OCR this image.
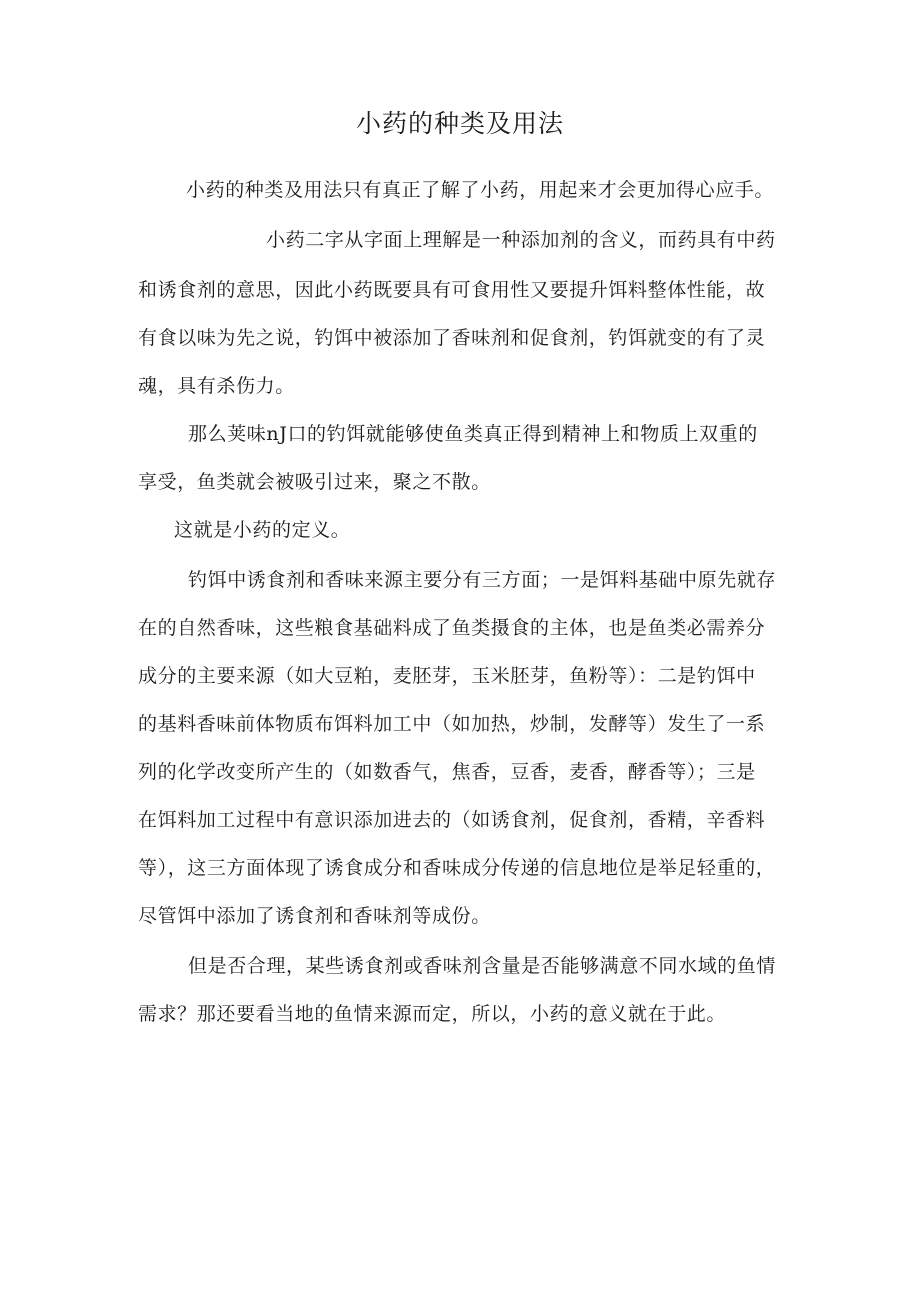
小药的种类及用法
小药的种类及用法只有真正了解了小药，用起来才会更加得心应手。
小药二字从字面上理解是一种添加剂的含义，而药具有中药
和诱食剂的意思，因此小药既要具有可食用性又要提升饵料整体性能，故
有食以味为先之说，钓饵中被添加了香味剂和促食剂，钓饵就变的有了灵
魂，具有杀伤力。
那么荚味nJ口的钓饵就能够使鱼类真正得到精神上和物质上双重的
享受，鱼类就会被吸引过来，聚之不散。
这就是小药的定义。
钓饵中诱食剂和香味来源主要分有三方面；一是饵料基础中原先就存
在的自然香味，这些粮食基础料成了鱼类摄食的主体，也是鱼类必需养分
成分的主要来源（如大豆粕，麦胚芽，玉米胚芽，鱼粉等）：二是钓饵中
的基料香味前体物质布饵料加工中（如加热，炒制，发酵等）发生了一系
列的化学改变所产生的（如数香气，焦香，豆香，麦香，酵香等）；三是
在饵料加工过程中有意识添加进去的（如诱食剂，促食剂，香精，辛香料
等），这三方面体现了诱食成分和香味成分传递的信息地位是举足轻重的，
尽管饵中添加了诱食剂和香味剂等成份。
但是否合理，某些诱食剂或香味剂含量是否能够满意不同水域的鱼情
需求？那还要看当地的鱼情来源而定，所以，小药的意义就在于此。
